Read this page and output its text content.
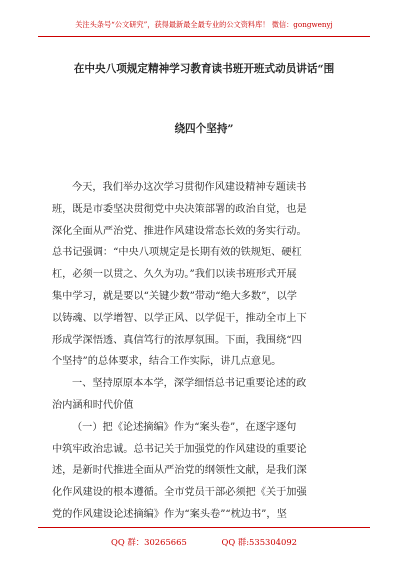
关注头条号“公文研究”，获得最新最全最专业的公文资料库！ 微信：gongwenyj
在中央八项规定精神学习教育读书班开班式动员讲话“围
绕四个坚持”
今天，我们举办这次学习贯彻作风建设精神专题读书
班，既是市委坚决贯彻党中央决策部署的政治自觉，也是
深化全面从严治党、推进作风建设常态长效的务实行动。
总书记强调：“中央八项规定是长期有效的铁规矩、硬杠
杠，必须一以贯之、久久为功。”我们以读书班形式开展
集中学习，就是要以“关键少数”带动“绝大多数”，以学
以铸魂、以学增智、以学正风、以学促干，推动全市上下
形成学深悟透、真信笃行的浓厚氛围。下面，我围绕“四
个坚持”的总体要求，结合工作实际，讲几点意见。
一、坚持原原本本学，深学细悟总书记重要论述的政
治内涵和时代价值
（一）把《论述摘编》作为“案头卷”，在逐字逐句
中筑牢政治忠诚。总书记关于加强党的作风建设的重要论
述，是新时代推进全面从严治党的纲领性文献，是我们深
化作风建设的根本遵循。全市党员干部必须把《关于加强
党的作风建设论述摘编》作为“案头卷”“枕边书”，坚
QQ 群：30265665	QQ 群:535304092
